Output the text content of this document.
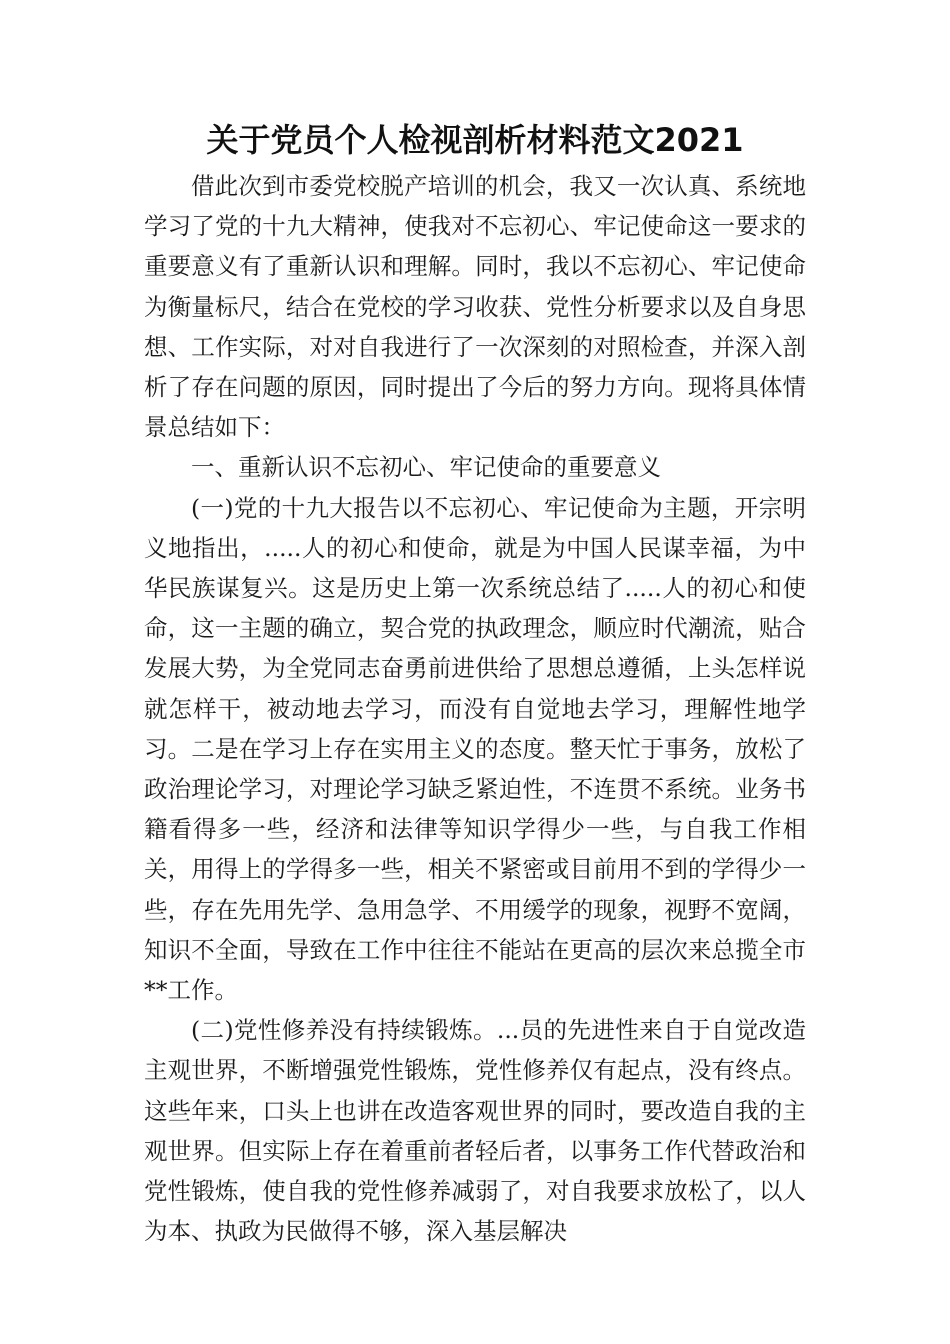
关于党员个人检视剖析材料范文2021

借此次到市委党校脱产培训的机会，我又一次认真、系统地学习了党的十九大精神，使我对不忘初心、牢记使命这一要求的重要意义有了重新认识和理解。同时，我以不忘初心、牢记使命为衡量标尺，结合在党校的学习收获、党性分析要求以及自身思想、工作实际，对对自我进行了一次深刻的对照检查，并深入剖析了存在问题的原因，同时提出了今后的努力方向。现将具体情景总结如下：

一、重新认识不忘初心、牢记使命的重要意义

(一)党的十九大报告以不忘初心、牢记使命为主题，开宗明义地指出，.....人的初心和使命，就是为中国人民谋幸福，为中华民族谋复兴。这是历史上第一次系统总结了.....人的初心和使命，这一主题的确立，契合党的执政理念，顺应时代潮流，贴合发展大势，为全党同志奋勇前进供给了思想总遵循，上头怎样说就怎样干，被动地去学习，而没有自觉地去学习，理解性地学习。二是在学习上存在实用主义的态度。整天忙于事务，放松了政治理论学习，对理论学习缺乏紧迫性，不连贯不系统。业务书籍看得多一些，经济和法律等知识学得少一些，与自我工作相关，用得上的学得多一些，相关不紧密或目前用不到的学得少一些，存在先用先学、急用急学、不用缓学的现象，视野不宽阔，知识不全面，导致在工作中往往不能站在更高的层次来总揽全市**工作。

(二)党性修养没有持续锻炼。...员的先进性来自于自觉改造主观世界，不断增强党性锻炼，党性修养仅有起点，没有终点。这些年来，口头上也讲在改造客观世界的同时，要改造自我的主观世界。但实际上存在着重前者轻后者，以事务工作代替政治和党性锻炼，使自我的党性修养减弱了，对自我要求放松了，以人为本、执政为民做得不够，深入基层解决
